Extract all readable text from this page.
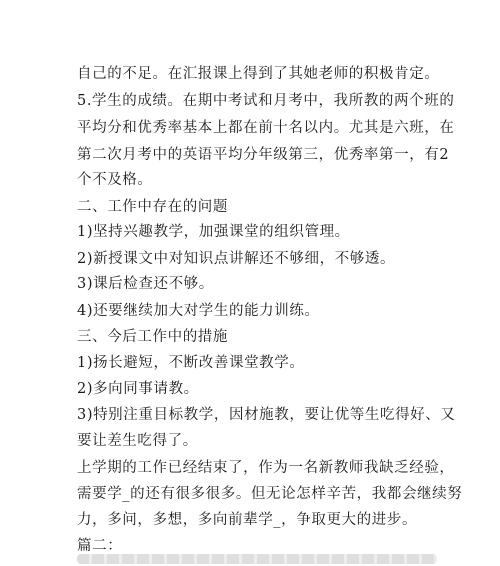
自己的不足。在汇报课上得到了其她老师的积极肯定。
5.学生的成绩。在期中考试和月考中，我所教的两个班的
平均分和优秀率基本上都在前十名以内。尤其是六班，在
第二次月考中的英语平均分年级第三，优秀率第一，有2
个不及格。
二、工作中存在的问题
1)坚持兴趣教学，加强课堂的组织管理。
2)新授课文中对知识点讲解还不够细，不够透。
3)课后检查还不够。
4)还要继续加大对学生的能力训练。
三、今后工作中的措施
1)扬长避短，不断改善课堂教学。
2)多向同事请教。
3)特别注重目标教学，因材施教，要让优等生吃得好、又
要让差生吃得了。
上学期的工作已经结束了，作为一名新教师我缺乏经验，
需要学_的还有很多很多。但无论怎样辛苦，我都会继续努
力，多问，多想，多向前辈学_，争取更大的进步。
篇二：
